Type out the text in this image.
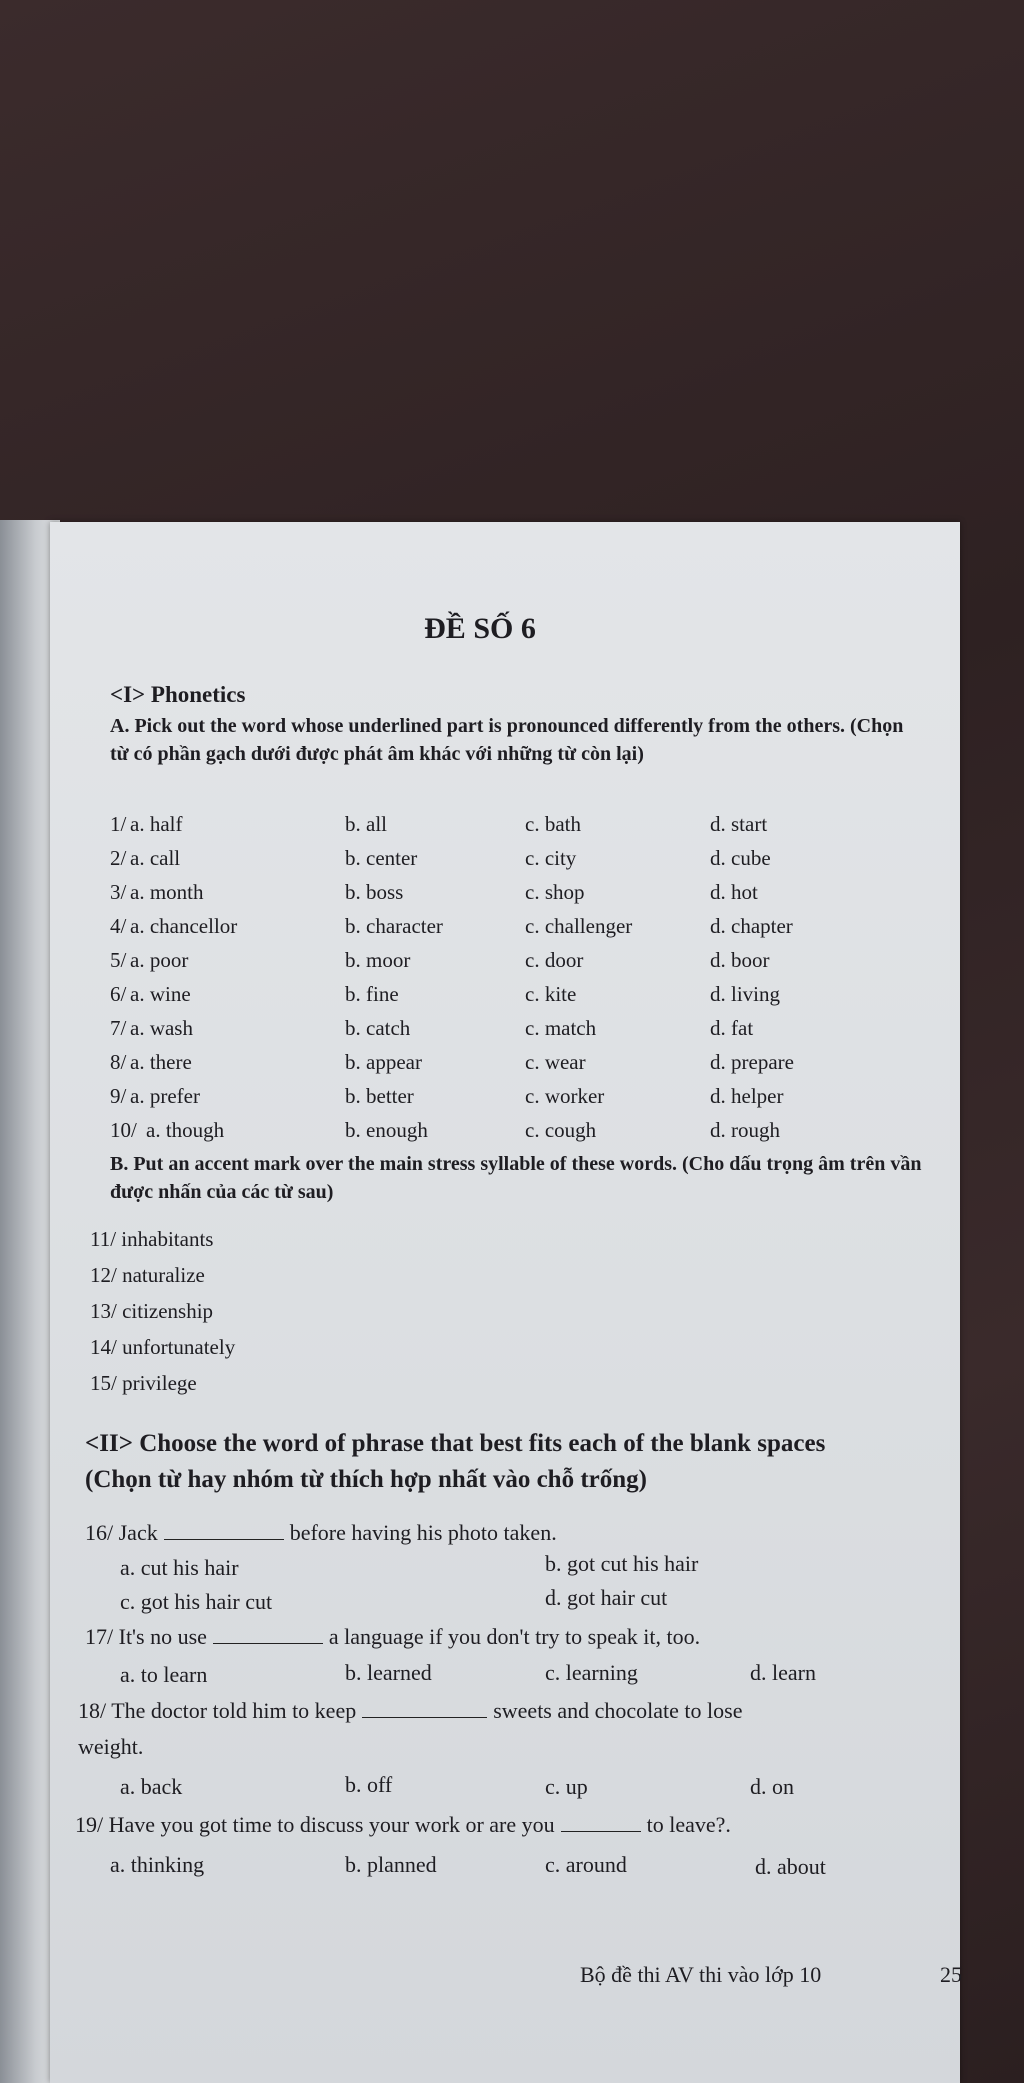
ĐỀ SỐ 6
<I> Phonetics
A. Pick out the word whose underlined part is pronounced differently from the others. (Chọn từ có phần gạch dưới được phát âm khác với những từ còn lại)
1/ a. half	b. all	c. bath	d. start
2/ a. call	b. center	c. city	d. cube
3/ a. month	b. boss	c. shop	d. hot
4/ a. chancellor	b. character	c. challenger	d. chapter
5/ a. poor	b. moor	c. door	d. boor
6/ a. wine	b. fine	c. kite	d. living
7/ a. wash	b. catch	c. match	d. fat
8/ a. there	b. appear	c. wear	d. prepare
9/ a. prefer	b. better	c. worker	d. helper
10/ a. though	b. enough	c. cough	d. rough
B. Put an accent mark over the main stress syllable of these words. (Cho dấu trọng âm trên vần được nhấn của các từ sau)
11/ inhabitants
12/ naturalize
13/ citizenship
14/ unfortunately
15/ privilege
<II> Choose the word of phrase that best fits each of the blank spaces
(Chọn từ hay nhóm từ thích hợp nhất vào chỗ trống)
16/ Jack	before having his photo taken.
a. cut his hair	b. got cut his hair
c. got his hair cut	d. got hair cut
17/ It's no use	a language if you don't try to speak it, too.
a. to learn	b. learned	c. learning	d. learn
18/ The doctor told him to keep	sweets and chocolate to lose
weight.
a. back	b. off	c. up	d. on
19/ Have you got time to discuss your work or are you	to leave?.
a. thinking	b. planned	c. around	d. about
Bộ đề thi AV thi vào lớp 10	25
